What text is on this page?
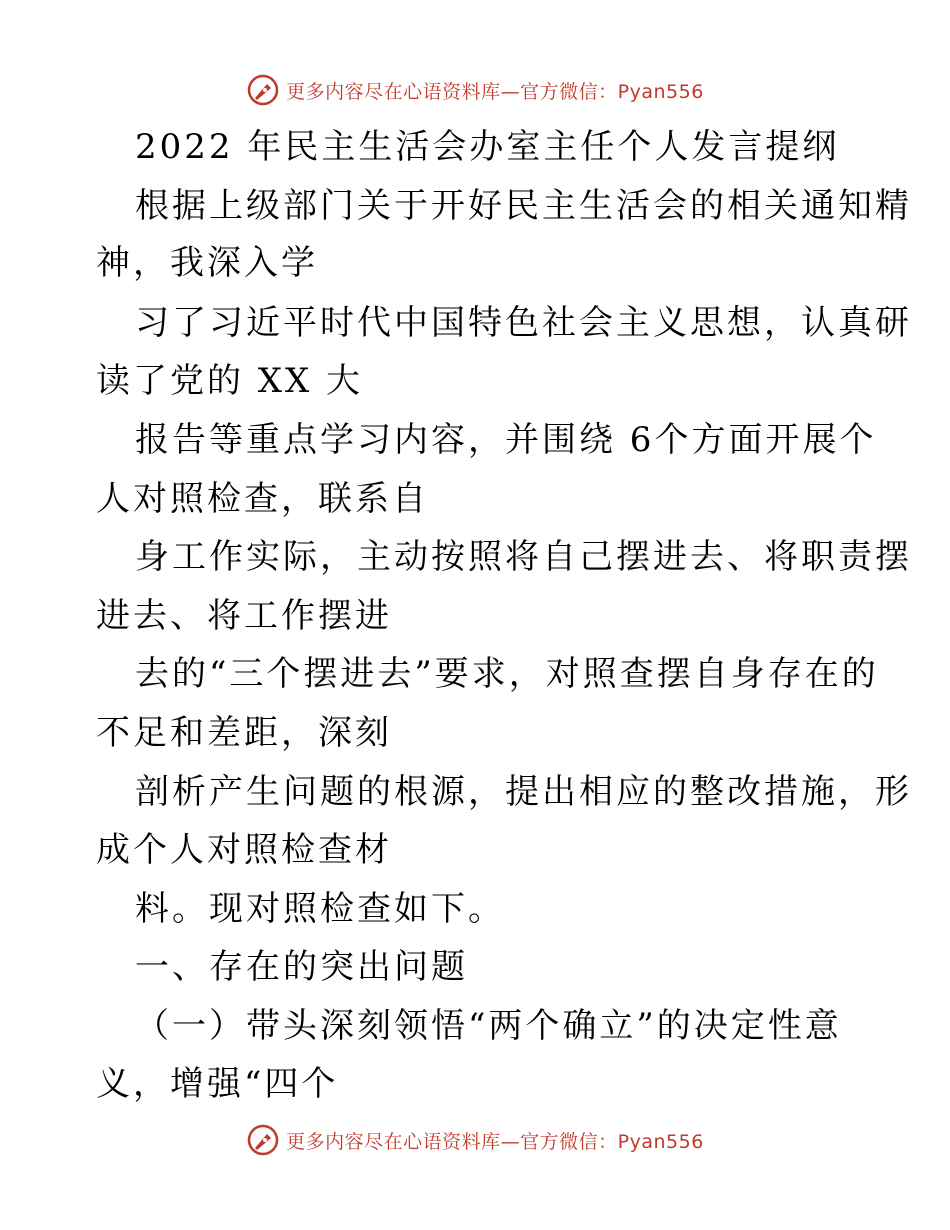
更多内容尽在心语资料库—官方微信：Pyan556
2022 年民主生活会办室主任个人发言提纲
根据上级部门关于开好民主生活会的相关通知精
神，我深入学
习了习近平时代中国特色社会主义思想，认真研
读了党的 XX 大
报告等重点学习内容，并围绕 6个方面开展个
人对照检查，联系自
身工作实际，主动按照将自己摆进去、将职责摆
进去、将工作摆进
去的“三个摆进去”要求，对照查摆自身存在的
不足和差距，深刻
剖析产生问题的根源，提出相应的整改措施，形
成个人对照检查材
料。现对照检查如下。
一、存在的突出问题
（一）带头深刻领悟“两个确立”的决定性意
义，增强“四个
更多内容尽在心语资料库—官方微信：Pyan556
